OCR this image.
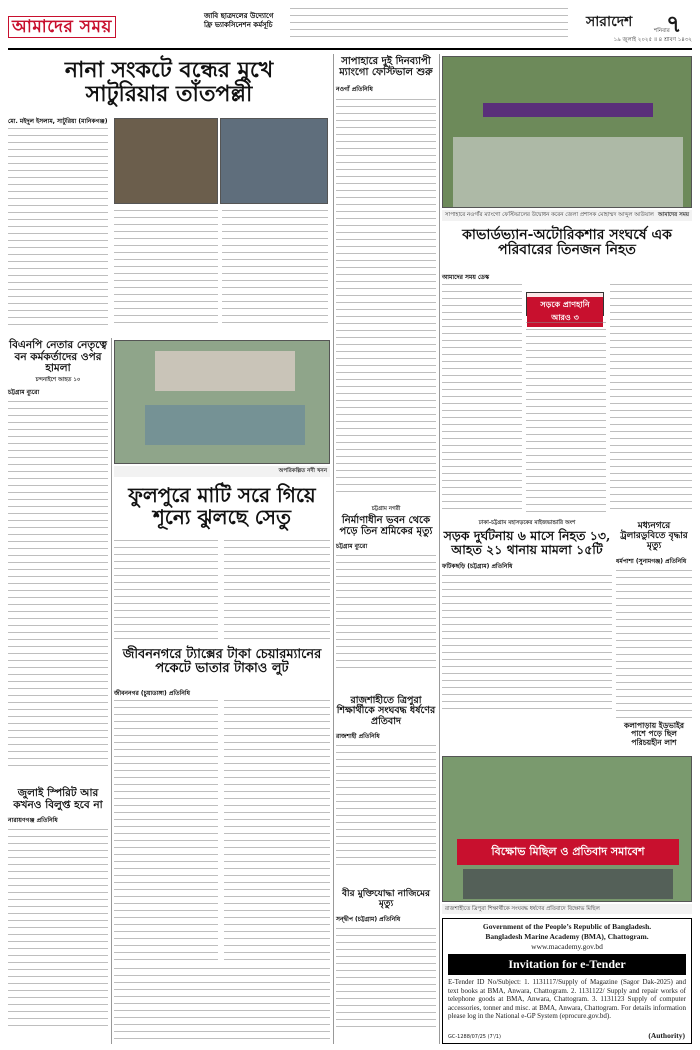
আমাদের সময়
জাবি ছাত্রদলের উদ্যোগে ফ্রি ভ্যাকসিনেশন কর্মসূচি	সারাদেশ	৭
শনিবার
১৯ জুলাই ২০২৫ ॥ ৪ শ্রাবণ ১৪৩২
নানা সংকটে বন্ধের মুখে সাটুরিয়ার তাঁতপল্লী
মো. মইদুল ইসলাম, সাটুরিয়া (মানিকগঞ্জ)
সাপাহারে দুই দিনব্যাপী ম্যাংগো ফেস্টিভাল শুরু
নওগাঁ প্রতিনিধি
সাপাহারে নওগাঁর ম্যাংগো ফেস্টিভালের উদ্বোধন করেন জেলা প্রশাসক মোহাম্মদ আব্দুল আউয়াল আমাদের সময়
কাভার্ডভ্যান-অটোরিকশার সংঘর্ষে এক পরিবারের তিনজন নিহত
আমাদের সময় ডেস্ক
সড়কে প্রাণহানি আরও ৩
বিএনপি নেতার নেতৃত্বে বন কর্মকর্তাদের ওপর হামলা
চন্দনাইশে আহত ১০
চট্টগ্রাম ব্যুরো
অপরিকল্পিত নদী খনন
ফুলপুরে মাটি সরে গিয়ে শূন্যে ঝুলছে সেতু	চট্টগ্রাম নগরী
নির্মাণাধীন ভবন থেকে পড়ে তিন শ্রমিকের মৃত্যু
চট্টগ্রাম ব্যুরো
ঢাকা-চট্টগ্রাম মহাসড়কের মাইজভান্ডারি অংশ
সড়ক দুর্ঘটনায় ৬ মাসে নিহত ১৩, আহত ২১ থানায় মামলা ১৫টি
ফটিকছড়ি (চট্টগ্রাম) প্রতিনিধি
মধ্যনগরে ট্রলারডুবিতে বৃদ্ধার মৃত্যু
ধর্মপাশা (সুনামগঞ্জ) প্রতিনিধি
জীবননগরে ট্যাক্সের টাকা চেয়ারম্যানের পকেটে ভাতার টাকাও লুট
জীবননগর (চুয়াডাঙ্গা) প্রতিনিধি
রাজশাহীতে ত্রিপুরা শিক্ষার্থীকে সংঘবদ্ধ ধর্ষণের প্রতিবাদ
রাজশাহী প্রতিনিধি
বিক্ষোভ মিছিল ও প্রতিবাদ সমাবেশ
রাজশাহীতে ত্রিপুরা শিক্ষার্থীকে সংঘবদ্ধ ধর্ষণের প্রতিবাদে বিক্ষোভ মিছিল
কলাপাড়ায় ইডভাইর পাশে পড়ে ছিল পরিচয়হীন লাশ
জুলাই স্পিরিট আর কখনও বিলুপ্ত হবে না
নারায়ণগঞ্জ প্রতিনিধি
বীর মুক্তিযোদ্ধা নাজিমের মৃত্যু
সন্দ্বীপ (চট্টগ্রাম) প্রতিনিধি
Government of the People’s Republic of Bangladesh.
Bangladesh Marine Academy (BMA), Chattogram.
www.macademy.gov.bd
Invitation for e-Tender
E-Tender ID No/Subject: 1. 1131117/Supply of Magazine (Sagor Dak-2025) and text books at BMA, Anwara, Chattogram. 2. 1131122/ Supply and repair works of telephone goods at BMA, Anwara, Chattogram. 3. 1131123 Supply of computer accessories, tonner and misc. at BMA, Anwara, Chattogram. For details information please log in the National e-GP System (eprocure.gov.bd).
GC-1288/07/25 (7'/1)	(Authority)
